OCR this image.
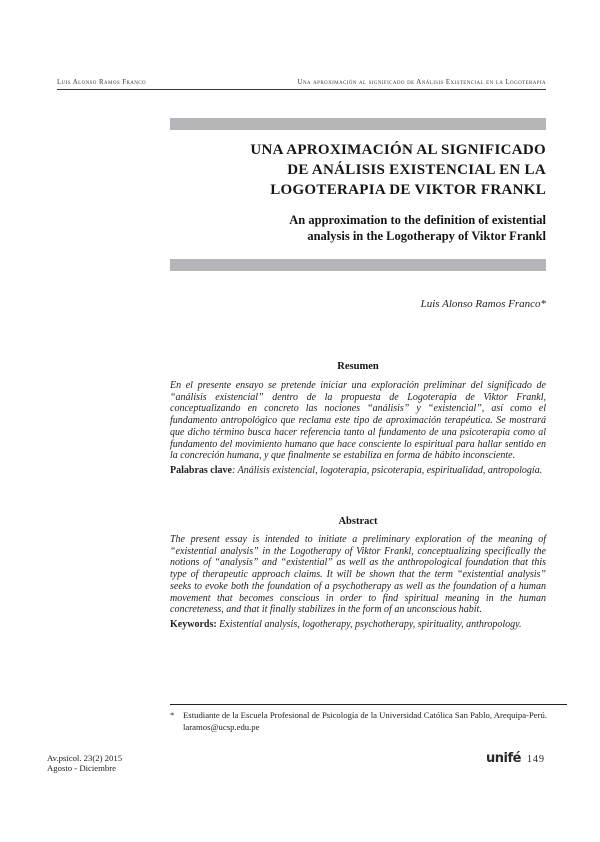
Luis Alonso Ramos Franco	Una aproximación al significado de Análisis Existencial en la Logoterapia
UNA APROXIMACIÓN AL SIGNIFICADO
DE ANÁLISIS EXISTENCIAL EN LA
LOGOTERAPIA DE VIKTOR FRANKL
An approximation to the definition of existential
analysis in the Logotherapy of Viktor Frankl
Luis Alonso Ramos Franco*
Resumen
En el presente ensayo se pretende iniciar una exploración preliminar del significado de “análisis existencial” dentro de la propuesta de Logoterapia de Viktor Frankl, conceptualizando en concreto las nociones “análisis” y “existencial”, así como el fundamento antropológico que reclama este tipo de aproximación terapéutica. Se mostrará que dicho término busca hacer referencia tanto al fundamento de una psicoterapia como al fundamento del movimiento humano que hace consciente lo espiritual para hallar sentido en la concreción humana, y que finalmente se estabiliza en forma de hábito inconsciente.
Palabras clave: Análisis existencial, logoterapia, psicoterapia, espiritualidad, antropología.
Abstract
The present essay is intended to initiate a preliminary exploration of the meaning of “existential analysis” in the Logotherapy of Viktor Frankl, conceptualizing specifically the notions of “analysis” and “existential” as well as the anthropological foundation that this type of therapeutic approach claims. It will be shown that the term “existential analysis” seeks to evoke both the foundation of a psychotherapy as well as the foundation of a human movement that becomes conscious in order to find spiritual meaning in the human concreteness, and that it finally stabilizes in the form of an unconscious habit.
Keywords: Existential analysis, logotherapy, psychotherapy, spirituality, anthropology.
* Estudiante de la Escuela Profesional de Psicología de la Universidad Católica San Pablo, Arequipa-Perú.
laramos@ucsp.edu.pe
Av.psicol. 23(2) 2015
Agosto - Diciembre
unifé 149
